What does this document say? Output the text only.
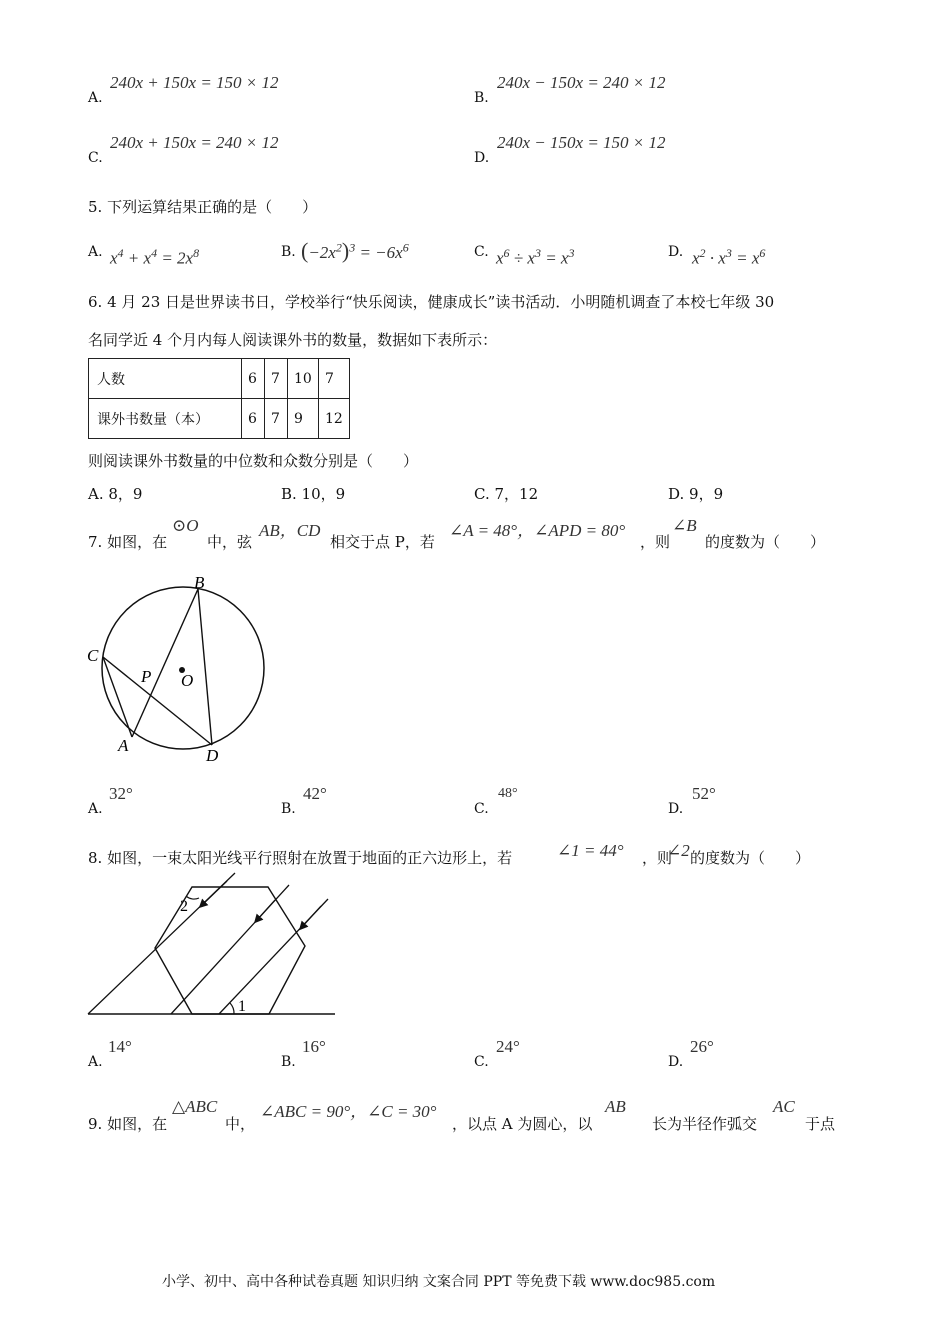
A.
240x + 150x = 150 × 12
B.
240x − 150x = 240 × 12
C.
240x + 150x = 240 × 12
D.
240x − 150x = 150 × 12
5. 下列运算结果正确的是（　　）
A. $x^4 + x^4 = 2x^8$	B. $(-2x^2)^3 = -6x^6$	C. $x^6 \div x^3 = x^3$	D. $x^2 \cdot x^3 = x^6$
6. 4 月 23 日是世界读书日，学校举行“快乐阅读，健康成长”读书活动．小明随机调查了本校七年级 30
名同学近 4 个月内每人阅读课外书的数量，数据如下表所示：
人数	6	7	10	7
课外书数量（本）	6	7	9	12
则阅读课外书数量的中位数和众数分别是（　　）
A. 8，9	B. 10，9	C. 7，12	D. 9，9
7. 如图，在
⊙O
中，弦
AB，CD
相交于点 P，若
∠A = 48°，∠APD = 80°
，则
∠B
的度数为（　　）
B
C
P O
A
D
A.
32°
B.
42°
C.
48°
D.
52°
8. 如图，一束太阳光线平行照射在放置于地面的正六边形上，若	∠1 = 44° ，则
∠2 的度数为（　　）
1
2
A.
14°
B.
16°
C.
24°
D.
26°
9. 如图，在
△ABC
中，
∠ABC = 90°，∠C = 30°
，以点 A 为圆心，以
AB
长为半径作弧交
AC
于点
小学、初中、高中各种试卷真题 知识归纳 文案合同 PPT 等免费下载 www.doc985.com
